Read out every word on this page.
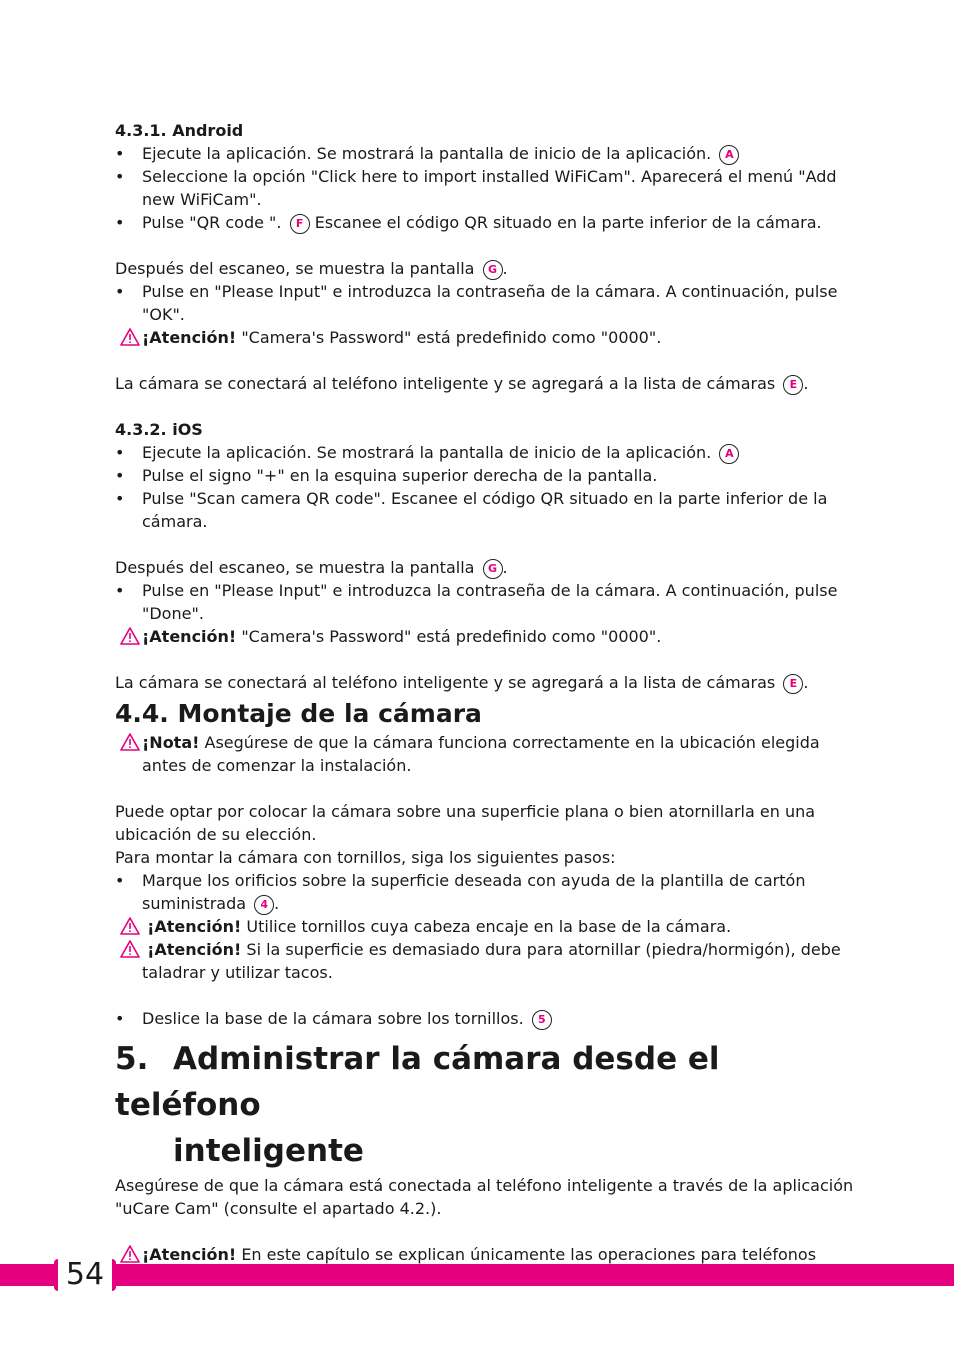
4.3.1. Android
• Ejecute la aplicación. Se mostrará la pantalla de inicio de la aplicación. A
• Seleccione la opción "Click here to import installed WiFiCam". Aparecerá el menú "Add
new WiFiCam".
• Pulse "QR code ". F Escanee el código QR situado en la parte inferior de la cámara.
Después del escaneo, se muestra la pantalla G .
• Pulse en "Please Input" e introduzca la contraseña de la cámara. A continuación, pulse
"OK".
¡Atención! "Camera's Password" está predefinido como "0000".
La cámara se conectará al teléfono inteligente y se agregará a la lista de cámaras E .
4.3.2. iOS
• Ejecute la aplicación. Se mostrará la pantalla de inicio de la aplicación. A
• Pulse el signo "+" en la esquina superior derecha de la pantalla.
• Pulse "Scan camera QR code". Escanee el código QR situado en la parte inferior de la
cámara.
Después del escaneo, se muestra la pantalla G .
• Pulse en "Please Input" e introduzca la contraseña de la cámara. A continuación, pulse
"Done".
¡Atención! "Camera's Password" está predefinido como "0000".
La cámara se conectará al teléfono inteligente y se agregará a la lista de cámaras E .
4.4. Montaje de la cámara
¡Nota! Asegúrese de que la cámara funciona correctamente en la ubicación elegida
antes de comenzar la instalación.
Puede optar por colocar la cámara sobre una superficie plana o bien atornillarla en una
ubicación de su elección.
Para montar la cámara con tornillos, siga los siguientes pasos:
• Marque los orificios sobre la superficie deseada con ayuda de la plantilla de cartón
suministrada 4 .
¡Atención! Utilice tornillos cuya cabeza encaje en la base de la cámara.
¡Atención! Si la superficie es demasiado dura para atornillar (piedra/hormigón), debe
taladrar y utilizar tacos.
• Deslice la base de la cámara sobre los tornillos. 5
5. Administrar la cámara desde el teléfono
inteligente
Asegúrese de que la cámara está conectada al teléfono inteligente a través de la aplicación
"uCare Cam" (consulte el apartado 4.2.).
¡Atención! En este capítulo se explican únicamente las operaciones para teléfonos
54
